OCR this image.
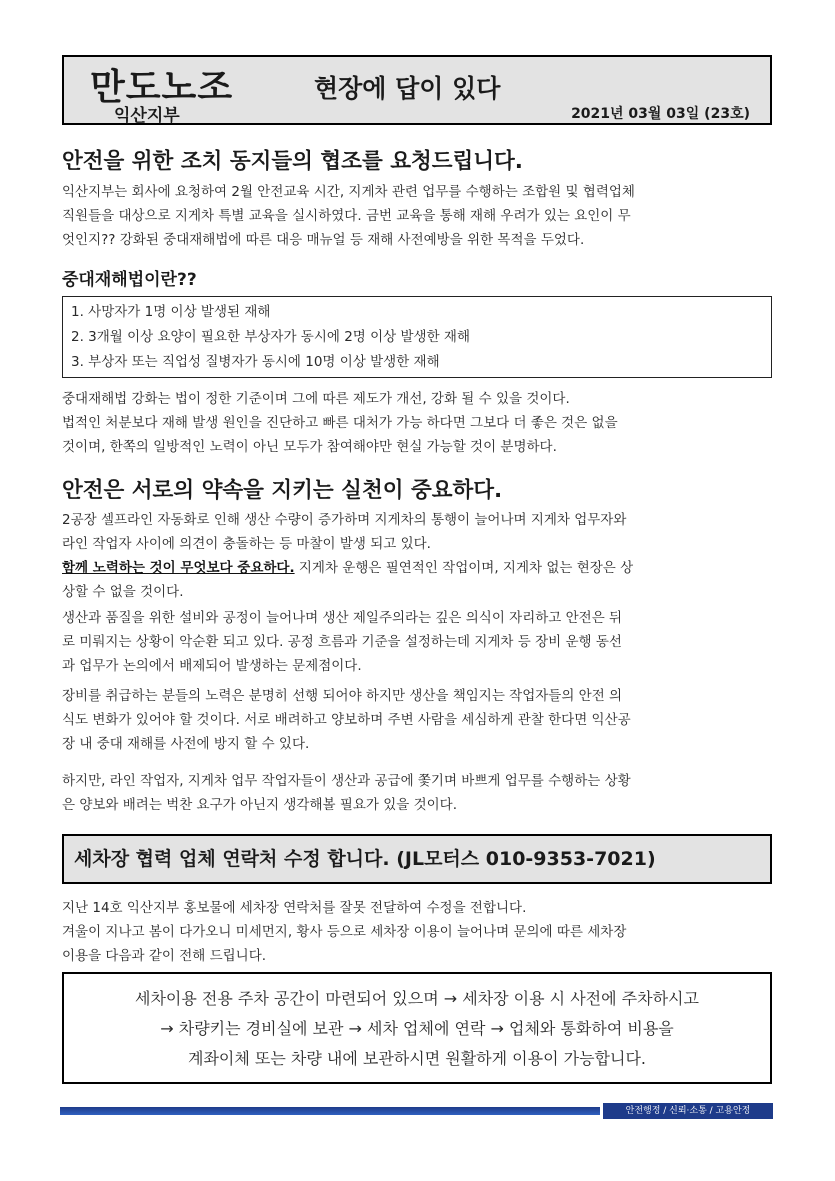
만도노조
익산지부
현장에 답이 있다
2021년 03월 03일 (23호)
안전을 위한 조치 동지들의 협조를 요청드립니다.
익산지부는 회사에 요청하여 2월 안전교육 시간, 지게차 관련 업무를 수행하는 조합원 및 협력업체
직원들을 대상으로 지게차 특별 교육을 실시하였다. 금번 교육을 통해 재해 우려가 있는 요인이 무
엇인지?? 강화된 중대재해법에 따른 대응 매뉴얼 등 재해 사전예방을 위한 목적을 두었다.
중대재해법이란??
1. 사망자가 1명 이상 발생된 재해
2. 3개월 이상 요양이 필요한 부상자가 동시에 2명 이상 발생한 재해
3. 부상자 또는 직업성 질병자가 동시에 10명 이상 발생한 재해
중대재해법 강화는 법이 정한 기준이며 그에 따른 제도가 개선, 강화 될 수 있을 것이다.
법적인 처분보다 재해 발생 원인을 진단하고 빠른 대처가 가능 하다면 그보다 더 좋은 것은 없을
것이며, 한쪽의 일방적인 노력이 아닌 모두가 참여해야만 현실 가능할 것이 분명하다.
안전은 서로의 약속을 지키는 실천이 중요하다.
2공장 셀프라인 자동화로 인해 생산 수량이 증가하며 지게차의 통행이 늘어나며 지게차 업무자와
라인 작업자 사이에 의견이 충돌하는 등 마찰이 발생 되고 있다.
함께 노력하는 것이 무엇보다 중요하다. 지게차 운행은 필연적인 작업이며, 지게차 없는 현장은 상
상할 수 없을 것이다.
생산과 품질을 위한 설비와 공정이 늘어나며 생산 제일주의라는 깊은 의식이 자리하고 안전은 뒤
로 미뤄지는 상황이 악순환 되고 있다. 공정 흐름과 기준을 설정하는데 지게차 등 장비 운행 동선
과 업무가 논의에서 배제되어 발생하는 문제점이다.
장비를 취급하는 분들의 노력은 분명히 선행 되어야 하지만 생산을 책임지는 작업자들의 안전 의
식도 변화가 있어야 할 것이다. 서로 배려하고 양보하며 주변 사람을 세심하게 관찰 한다면 익산공
장 내 중대 재해를 사전에 방지 할 수 있다.
하지만, 라인 작업자, 지게차 업무 작업자들이 생산과 공급에 쫓기며 바쁘게 업무를 수행하는 상황
은 양보와 배려는 벅찬 요구가 아닌지 생각해볼 필요가 있을 것이다.
세차장 협력 업체 연락처 수정 합니다. (JL모터스 010-9353-7021)
지난 14호 익산지부 홍보물에 세차장 연락처를 잘못 전달하여 수정을 전합니다.
겨울이 지나고 봄이 다가오니 미세먼지, 황사 등으로 세차장 이용이 늘어나며 문의에 따른 세차장
이용을 다음과 같이 전해 드립니다.
세차이용 전용 주차 공간이 마련되어 있으며 → 세차장 이용 시 사전에 주차하시고
→ 차량키는 경비실에 보관 → 세차 업체에 연락 → 업체와 통화하여 비용을
계좌이체 또는 차량 내에 보관하시면 원활하게 이용이 가능합니다.
안전행정 / 신뢰·소통 / 고용안정
